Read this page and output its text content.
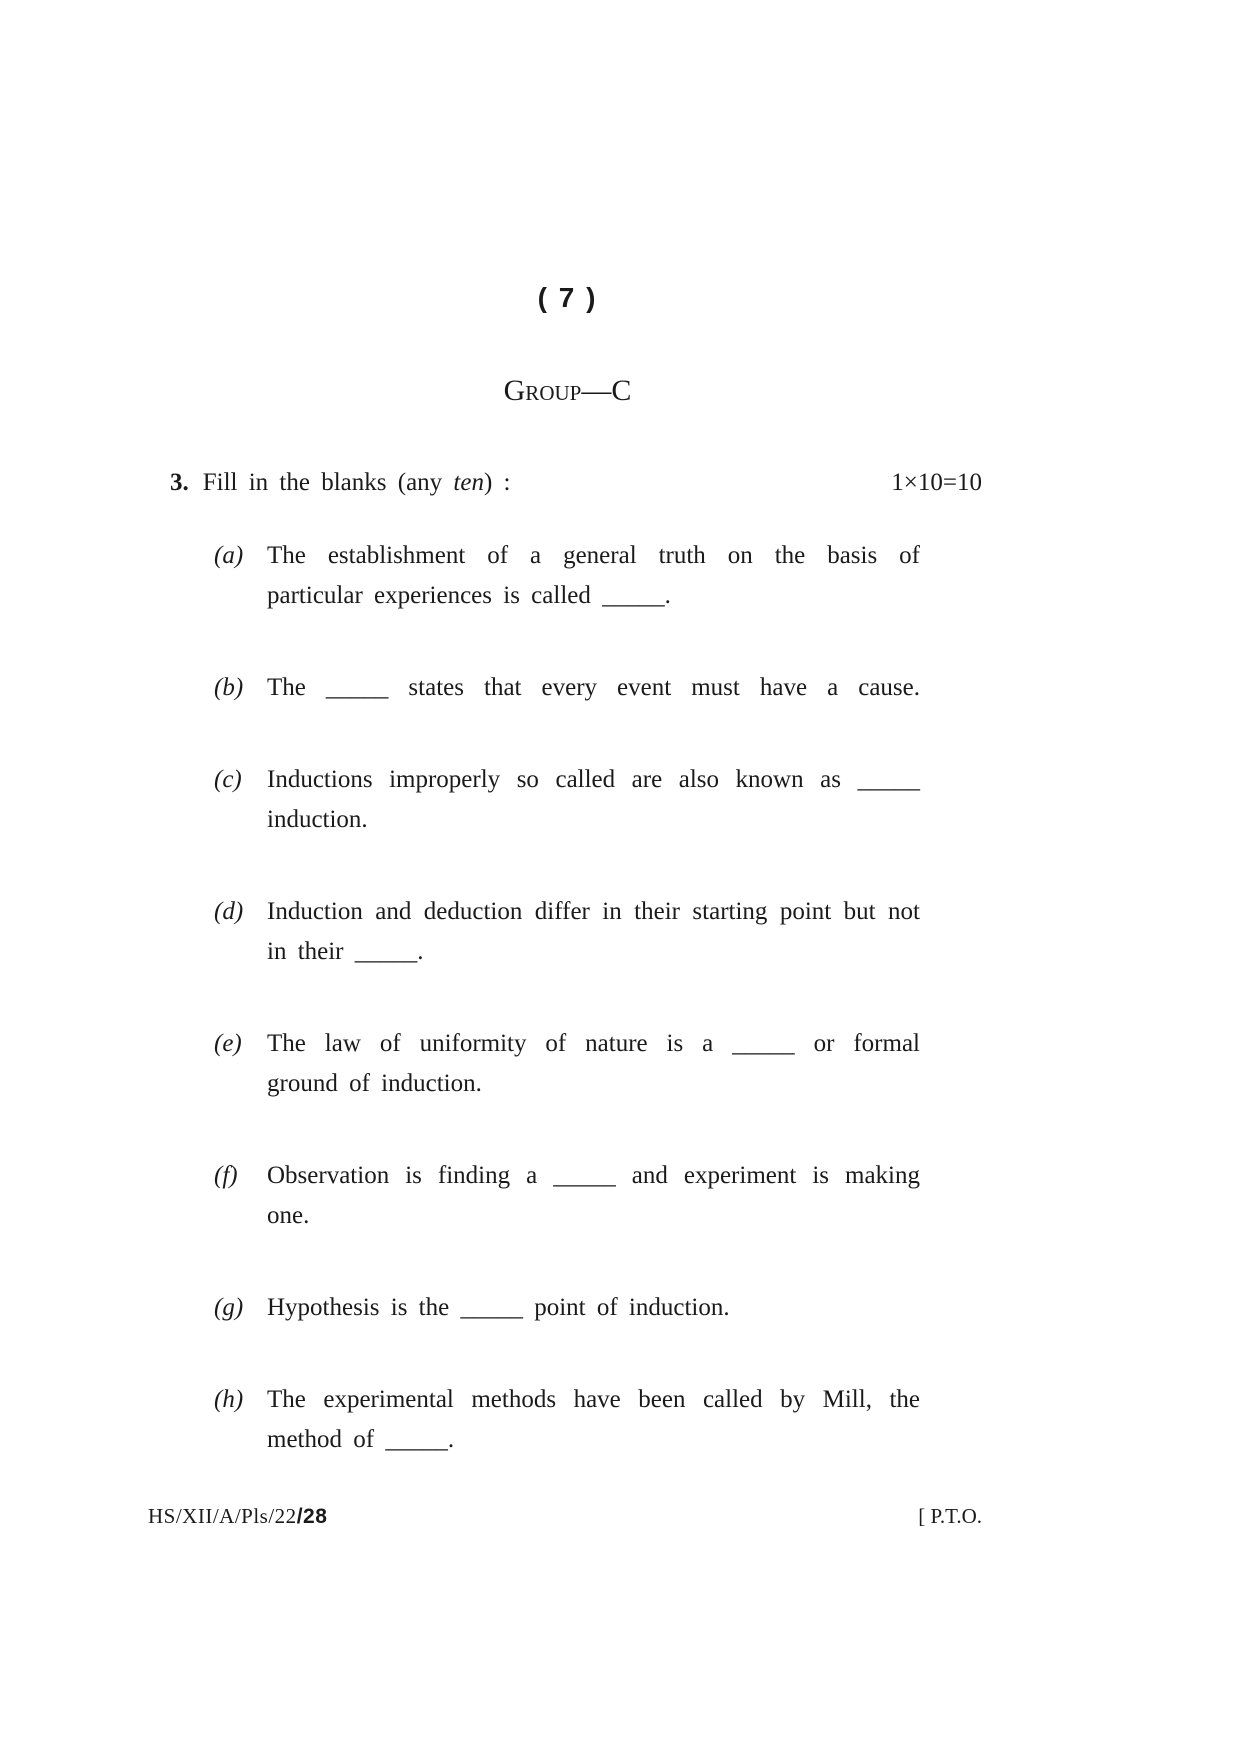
( 7 )
Group—C
3. Fill in the blanks (any ten) :	1×10=10
(a) The establishment of a general truth on the basis of particular experiences is called _____.
(b) The _____ states that every event must have a cause.
(c)	Inductions improperly so called are also known as _____ induction.
(d) Induction and deduction differ in their starting point but not in their _____.
(e)	The law of uniformity of nature is a _____ or formal ground of induction.
(f)	Observation is finding a _____ and experiment is making one.
(g) Hypothesis is the _____ point of induction.
(h) The experimental methods have been called by Mill, the method of _____.
HS/XII/A/Pls/22/28	[ P.T.O.
